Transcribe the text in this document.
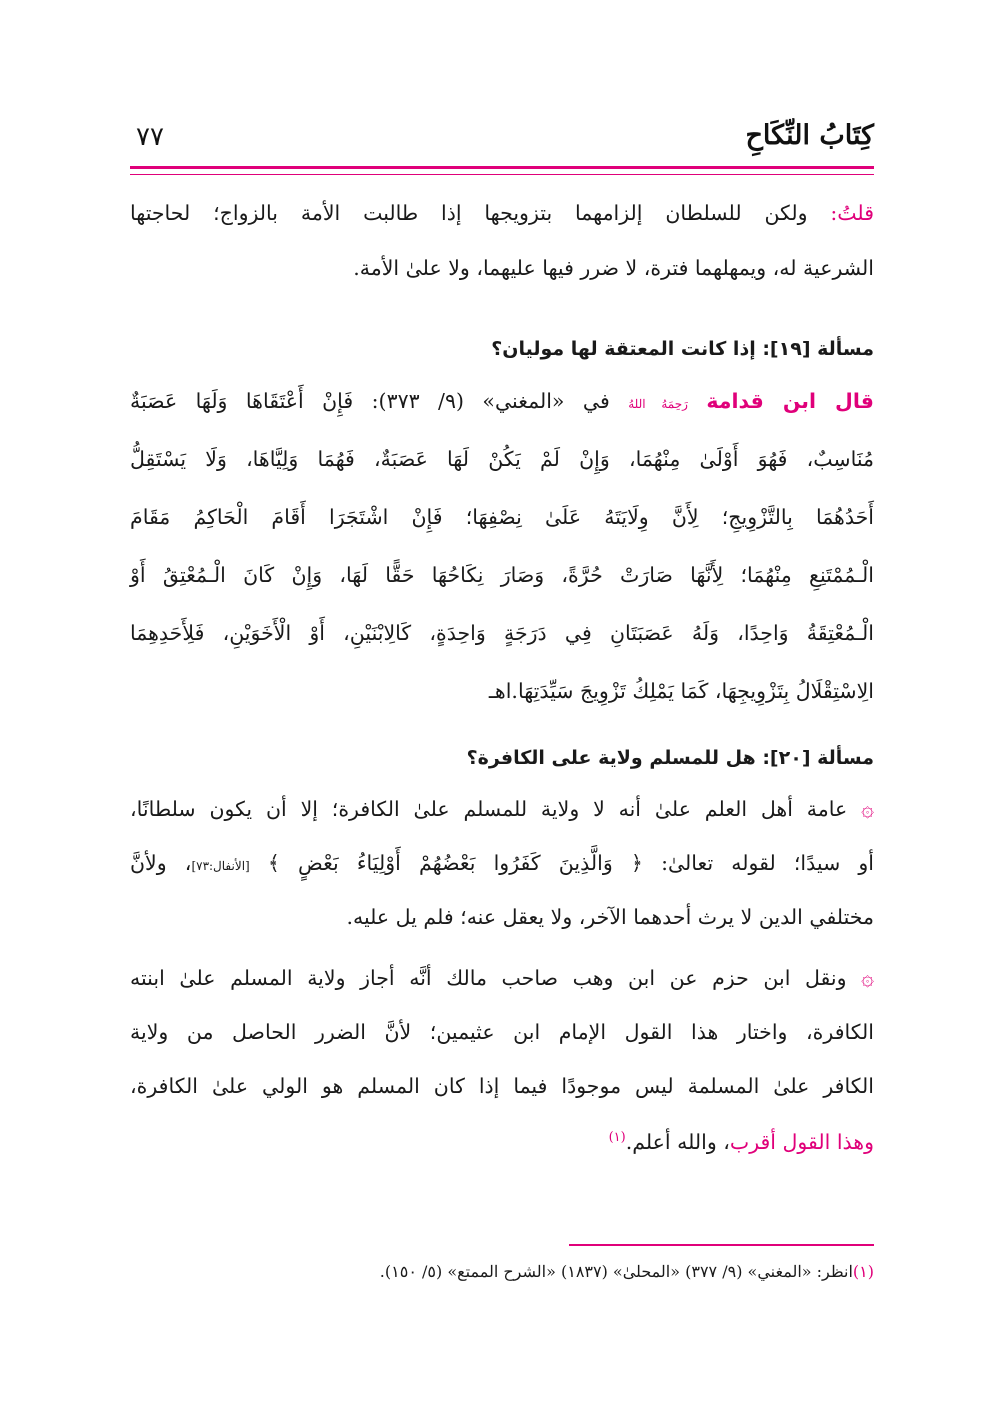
كِتَابُ النِّكَاحِ
٧٧
قلتُ: ولكن للسلطان إلزامهما بتزويجها إذا طالبت الأمة بالزواج؛ لحاجتها
الشرعية له، ويمهلهما فترة، لا ضرر فيها عليهما، ولا علىٰ الأمة.
مسألة [١٩]: إذا كانت المعتقة لها موليان؟
قال ابن قدامة رَحِمَهُ اللهُ في «المغني» (٩/ ٣٧٣): فَإِنْ أَعْتَقَاهَا وَلَهَا عَصَبَةٌ
مُنَاسِبٌ، فَهُوَ أَوْلَىٰ مِنْهُمَا، وَإِنْ لَمْ يَكُنْ لَهَا عَصَبَةٌ، فَهُمَا وَلِيَّاهَا، وَلَا يَسْتَقِلُّ
أَحَدُهُمَا بِالتَّزْوِيجِ؛ لِأَنَّ وِلَايَتَهُ عَلَىٰ نِصْفِهَا؛ فَإِنْ اشْتَجَرَا أَقَامَ الْحَاكِمُ مَقَامَ
الْـمُمْتَنِعِ مِنْهُمَا؛ لِأَنَّهَا صَارَتْ حُرَّةً، وَصَارَ نِكَاحُهَا حَقًّا لَهَا، وَإِنْ كَانَ الْـمُعْتِقُ أَوْ
الْـمُعْتِقَةُ وَاحِدًا، وَلَهُ عَصَبَتَانِ فِي دَرَجَةٍ وَاحِدَةٍ، كَالِابْنَيْنِ، أَوْ الْأَخَوَيْنِ، فَلِأَحَدِهِمَا
الِاسْتِقْلَالُ بِتَزْوِيجِهَا، كَمَا يَمْلِكُ تَزْوِيجَ سَيِّدَتِهَا.اهـ
مسألة [٢٠]: هل للمسلم ولاية على الكافرة؟
۞ عامة أهل العلم علىٰ أنه لا ولاية للمسلم علىٰ الكافرة؛ إلا أن يكون سلطانًا،
أو سيدًا؛ لقوله تعالىٰ: ﴿ وَالَّذِينَ كَفَرُوا بَعْضُهُمْ أَوْلِيَاءُ بَعْضٍ ﴾ [الأنفال:٧٣]، ولأنَّ
مختلفي الدين لا يرث أحدهما الآخر، ولا يعقل عنه؛ فلم يل عليه.
۞ ونقل ابن حزم عن ابن وهب صاحب مالك أنَّه أجاز ولاية المسلم علىٰ ابنته
الكافرة، واختار هذا القول الإمام ابن عثيمين؛ لأنَّ الضرر الحاصل من ولاية
الكافر علىٰ المسلمة ليس موجودًا فيما إذا كان المسلم هو الولي علىٰ الكافرة،
وهذا القول أقرب، والله أعلم.$^{(١)}$
(١)انظر: «المغني» (٩/ ٣٧٧) «المحلىٰ» (١٨٣٧) «الشرح الممتع» (٥/ ١٥٠).
